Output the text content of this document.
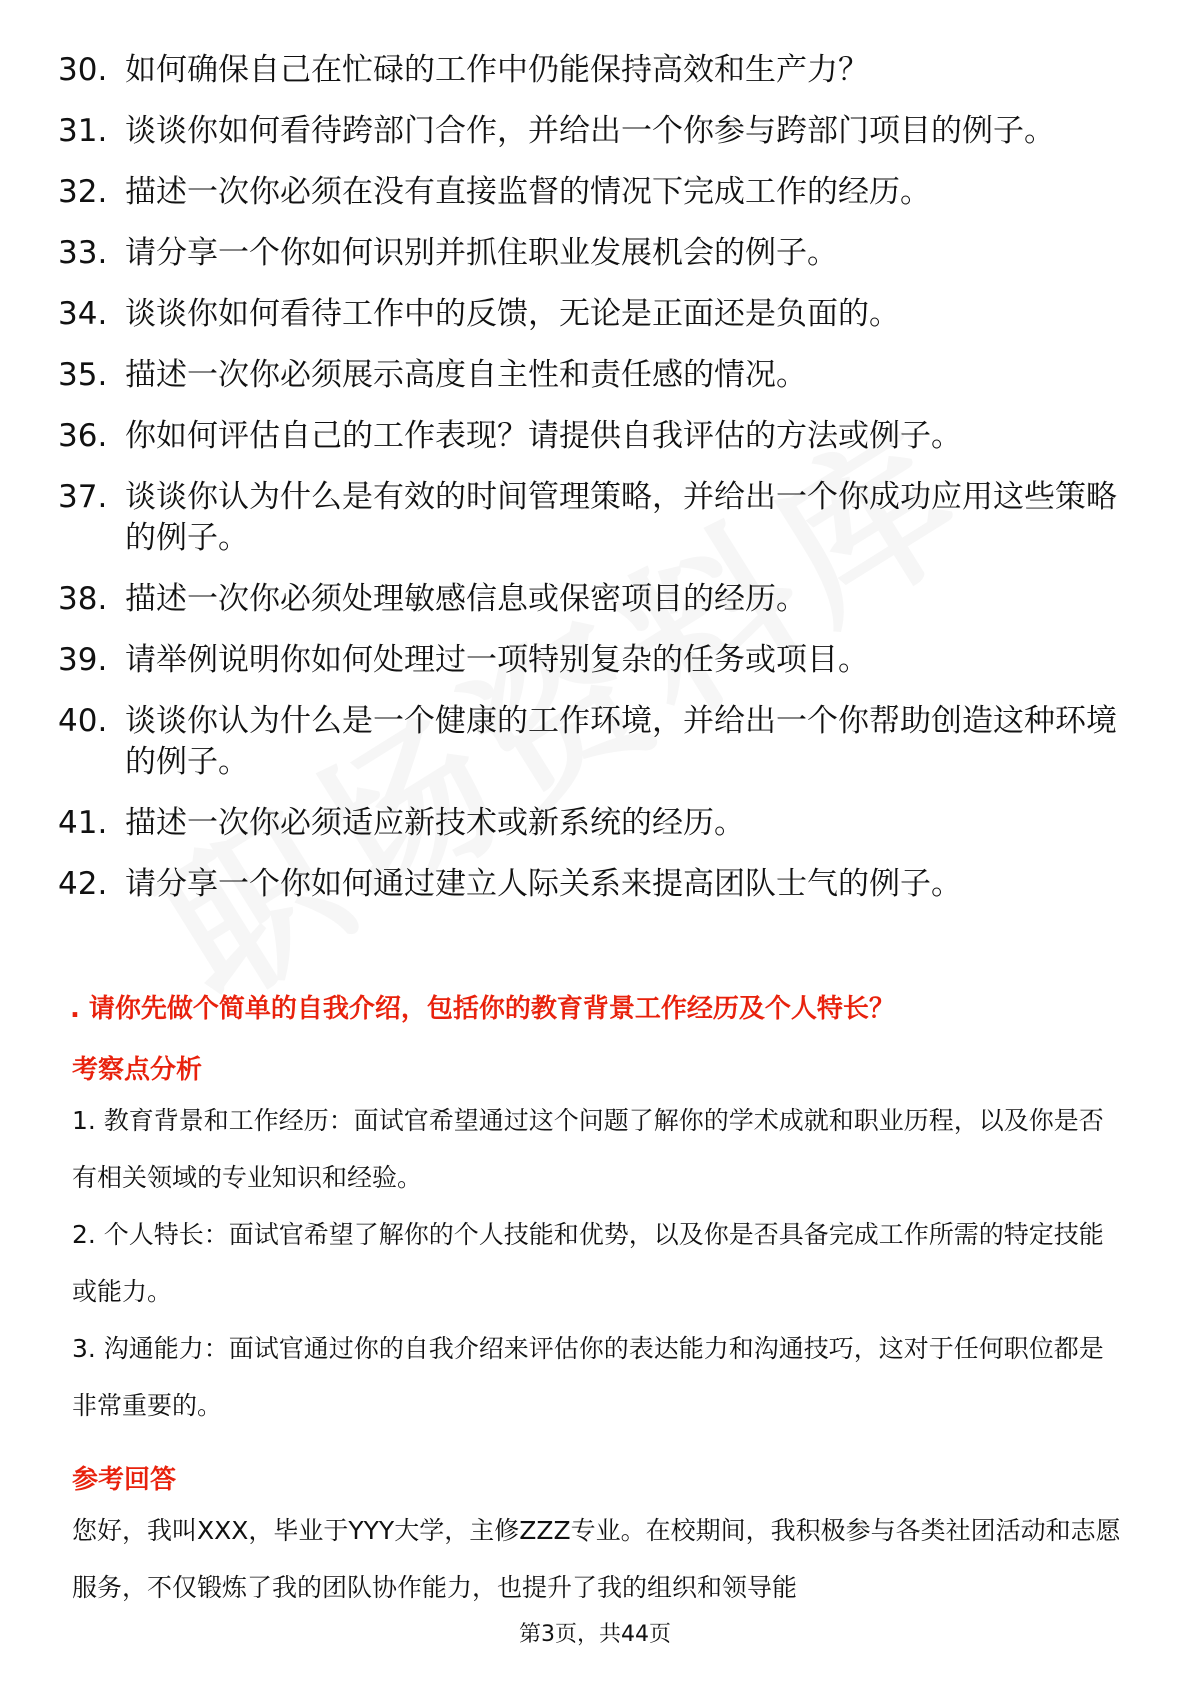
30. 如何确保自己在忙碌的工作中仍能保持高效和生产力？
31. 谈谈你如何看待跨部门合作，并给出一个你参与跨部门项目的例子。
32. 描述一次你必须在没有直接监督的情况下完成工作的经历。
33. 请分享一个你如何识别并抓住职业发展机会的例子。
34. 谈谈你如何看待工作中的反馈，无论是正面还是负面的。
35. 描述一次你必须展示高度自主性和责任感的情况。
36. 你如何评估自己的工作表现？请提供自我评估的方法或例子。
37. 谈谈你认为什么是有效的时间管理策略，并给出一个你成功应用这些策略的例子。
38. 描述一次你必须处理敏感信息或保密项目的经历。
39. 请举例说明你如何处理过一项特别复杂的任务或项目。
40. 谈谈你认为什么是一个健康的工作环境，并给出一个你帮助创造这种环境的例子。
41. 描述一次你必须适应新技术或新系统的经历。
42. 请分享一个你如何通过建立人际关系来提高团队士气的例子。
. 请你先做个简单的自我介绍，包括你的教育背景工作经历及个人特长？
考察点分析
1. 教育背景和工作经历：面试官希望通过这个问题了解你的学术成就和职业历程，以及你是否有相关领域的专业知识和经验。
2. 个人特长：面试官希望了解你的个人技能和优势，以及你是否具备完成工作所需的特定技能或能力。
3. 沟通能力：面试官通过你的自我介绍来评估你的表达能力和沟通技巧，这对于任何职位都是非常重要的。
参考回答
您好，我叫XXX，毕业于YYY大学，主修ZZZ专业。在校期间，我积极参与各类社团活动和志愿服务，不仅锻炼了我的团队协作能力，也提升了我的组织和领导能
第3页，共44页
